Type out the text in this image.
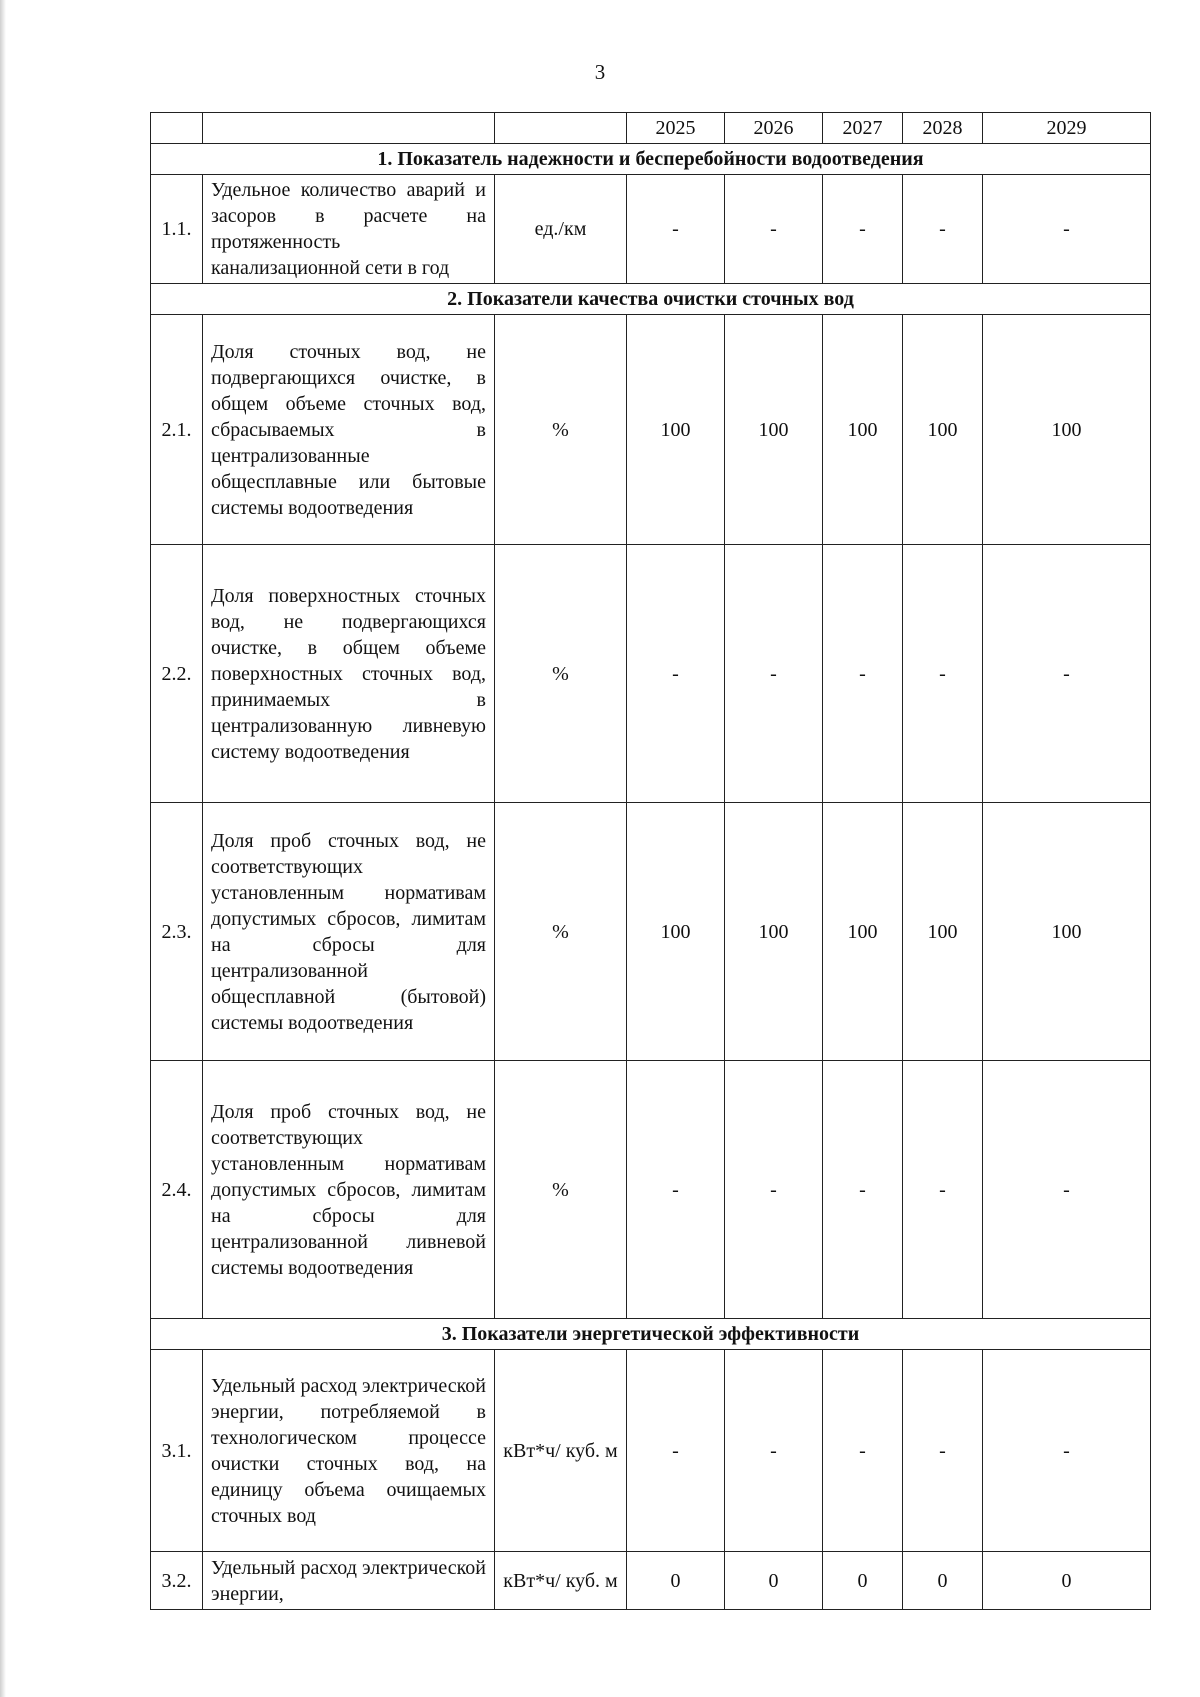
3
			2025	2026	2027	2028	2029
1. Показатель надежности и бесперебойности водоотведения							
1.1.	Удельное количество аварий и засоров в расчете на протяженность канализационной сети в год	ед./км	-	-	-	-	-
2. Показатели качества очистки сточных вод							
2.1.	Доля сточных вод, не подвергающихся очистке, в общем объеме сточных вод, сбрасываемых в централизованные общесплавные или бытовые системы водоотведения	%	100	100	100	100	100
2.2.	Доля поверхностных сточных вод, не подвергающихся очистке, в общем объеме поверхностных сточных вод, принимаемых в централизованную ливневую систему водоотведения	%	-	-	-	-	-
2.3.	Доля проб сточных вод, не соответствующих установленным нормативам допустимых сбросов, лимитам на сбросы для централизованной общесплавной (бытовой) системы водоотведения	%	100	100	100	100	100
2.4.	Доля проб сточных вод, не соответствующих установленным нормативам допустимых сбросов, лимитам на сбросы для централизованной ливневой системы водоотведения	%	-	-	-	-	-
3. Показатели энергетической эффективности							
3.1.	Удельный расход электрической энергии, потребляемой в технологическом процессе очистки сточных вод, на единицу объема очищаемых сточных вод	кВт*ч/ куб. м	-	-	-	-	-
3.2.	Удельный расход электрической энергии,	кВт*ч/ куб. м	0	0	0	0	0
